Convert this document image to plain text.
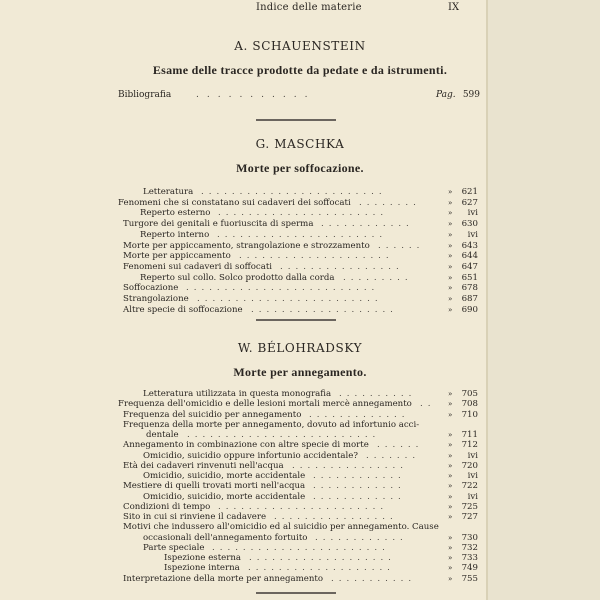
Indice delle materie	IX
A. SCHAUENSTEIN
Esame delle tracce prodotte da pedate e da istrumenti.
Bibliografia	...........	Pag. 599
G. MASCHKA
Morte per soffocazione.
Letteratura ........................	»	621
Fenomeni che si constatano sui cadaveri dei soffocati ........	»	627
Reperto esterno ......................	»	ivi
Turgore dei genitali e fuoriuscita di sperma ............	»	630
Reperto interno ......................	»	ivi
Morte per appiccamento, strangolazione e strozzamento ......	»	643
Morte per appiccamento ....................	»	644
Fenomeni sui cadaveri di soffocati ................	»	647
Reperto sul collo. Solco prodotto dalla corda .........	»	651
Soffocazione .........................	»	678
Strangolazione ........................	»	687
Altre specie di soffocazione ...................	»	690
W. BÉLOHRADSKY
Morte per annegamento.
Letteratura utilizzata in questa monografia ..........	»	705
Frequenza dell'omicidio e delle lesioni mortali mercè annegamento .. »	708
Frequenza del suicidio per annegamento .............	»	710
Frequenza della morte per annegamento, dovuto ad infortunio acci-
dentale .........................	»	711
Annegamento in combinazione con altre specie di morte ......	»	712
Omicidio, suicidio oppure infortunio accidentale? .......	»	ivi
Età dei cadaveri rinvenuti nell'acqua ...............	»	720
Omicidio, suicidio, morte accidentale ............	»	ivi
Mestiere di quelli trovati morti nell'acqua ............	»	722
Omicidio, suicidio, morte accidentale ............	»	ivi
Condizioni di tempo ......................	»	725
Sito in cui si rinviene il cadavere ................	»	727
Motivi che indussero all'omicidio ed al suicidio per annegamento. Cause
occasionali dell'annegamento fortuito ............	»	730
Parte speciale .......................	»	732
Ispezione esterna ...................	»	733
Ispezione interna ...................	»	749
Interpretazione della morte per annegamento ...........	»	755
